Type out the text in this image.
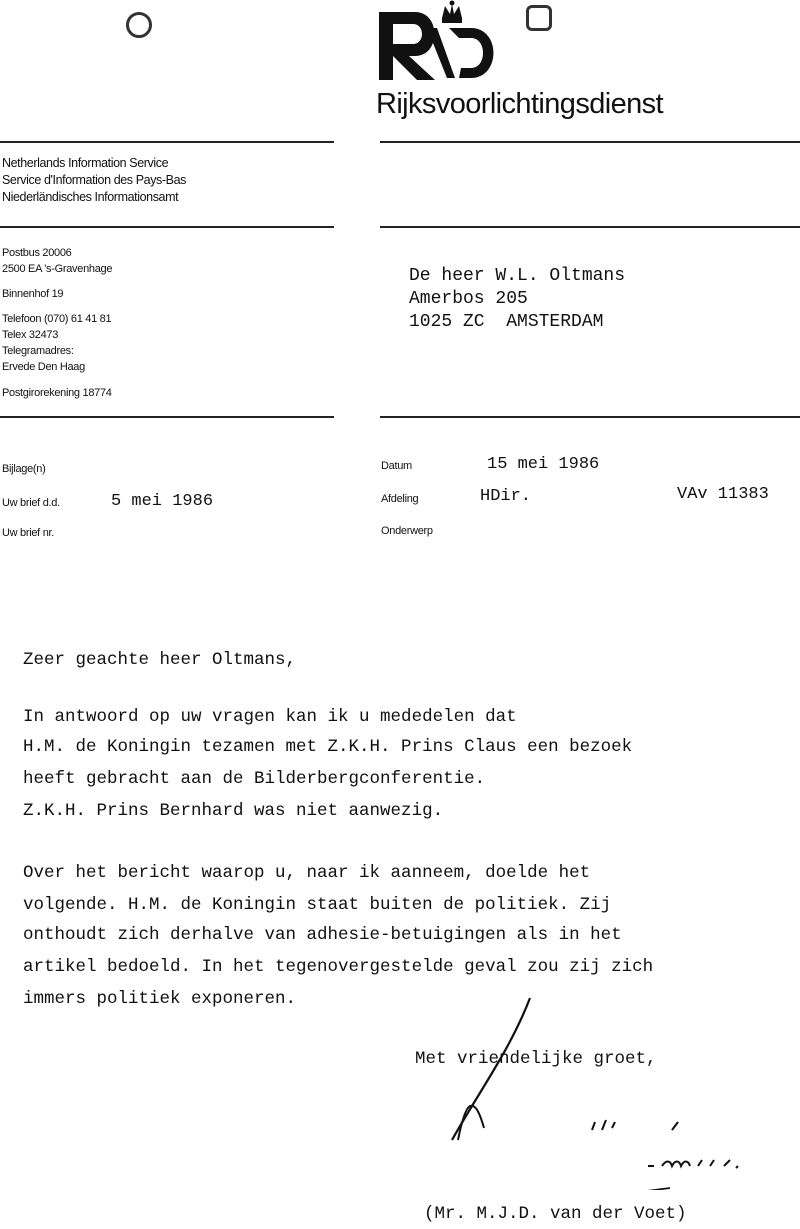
Rijksvoorlichtingsdienst
Netherlands Information Service
Service d'Information des Pays-Bas
Niederländisches Informationsamt
Postbus 20006
2500 EA 's-Gravenhage
Binnenhof 19
Telefoon (070) 61 41 81
Telex 32473
Telegramadres:
Ervede Den Haag
Postgirorekening 18774
De heer W.L. Oltmans
Amerbos 205
1025 ZC  AMSTERDAM
Bijlage(n)
Uw brief d.d.	5 mei 1986
Uw brief nr.
Datum	15 mei 1986
Afdeling	HDir.	VAv 11383
Onderwerp
Zeer geachte heer Oltmans,
In antwoord op uw vragen kan ik u mededelen dat
H.M. de Koningin tezamen met Z.K.H. Prins Claus een bezoek
heeft gebracht aan de Bilderbergconferentie.
Z.K.H. Prins Bernhard was niet aanwezig.
Over het bericht waarop u, naar ik aanneem, doelde het
volgende. H.M. de Koningin staat buiten de politiek. Zij
onthoudt zich derhalve van adhesie-betuigingen als in het
artikel bedoeld. In het tegenovergestelde geval zou zij zich
immers politiek exponeren.
Met vriendelijke groet,
(Mr. M.J.D. van der Voet)
